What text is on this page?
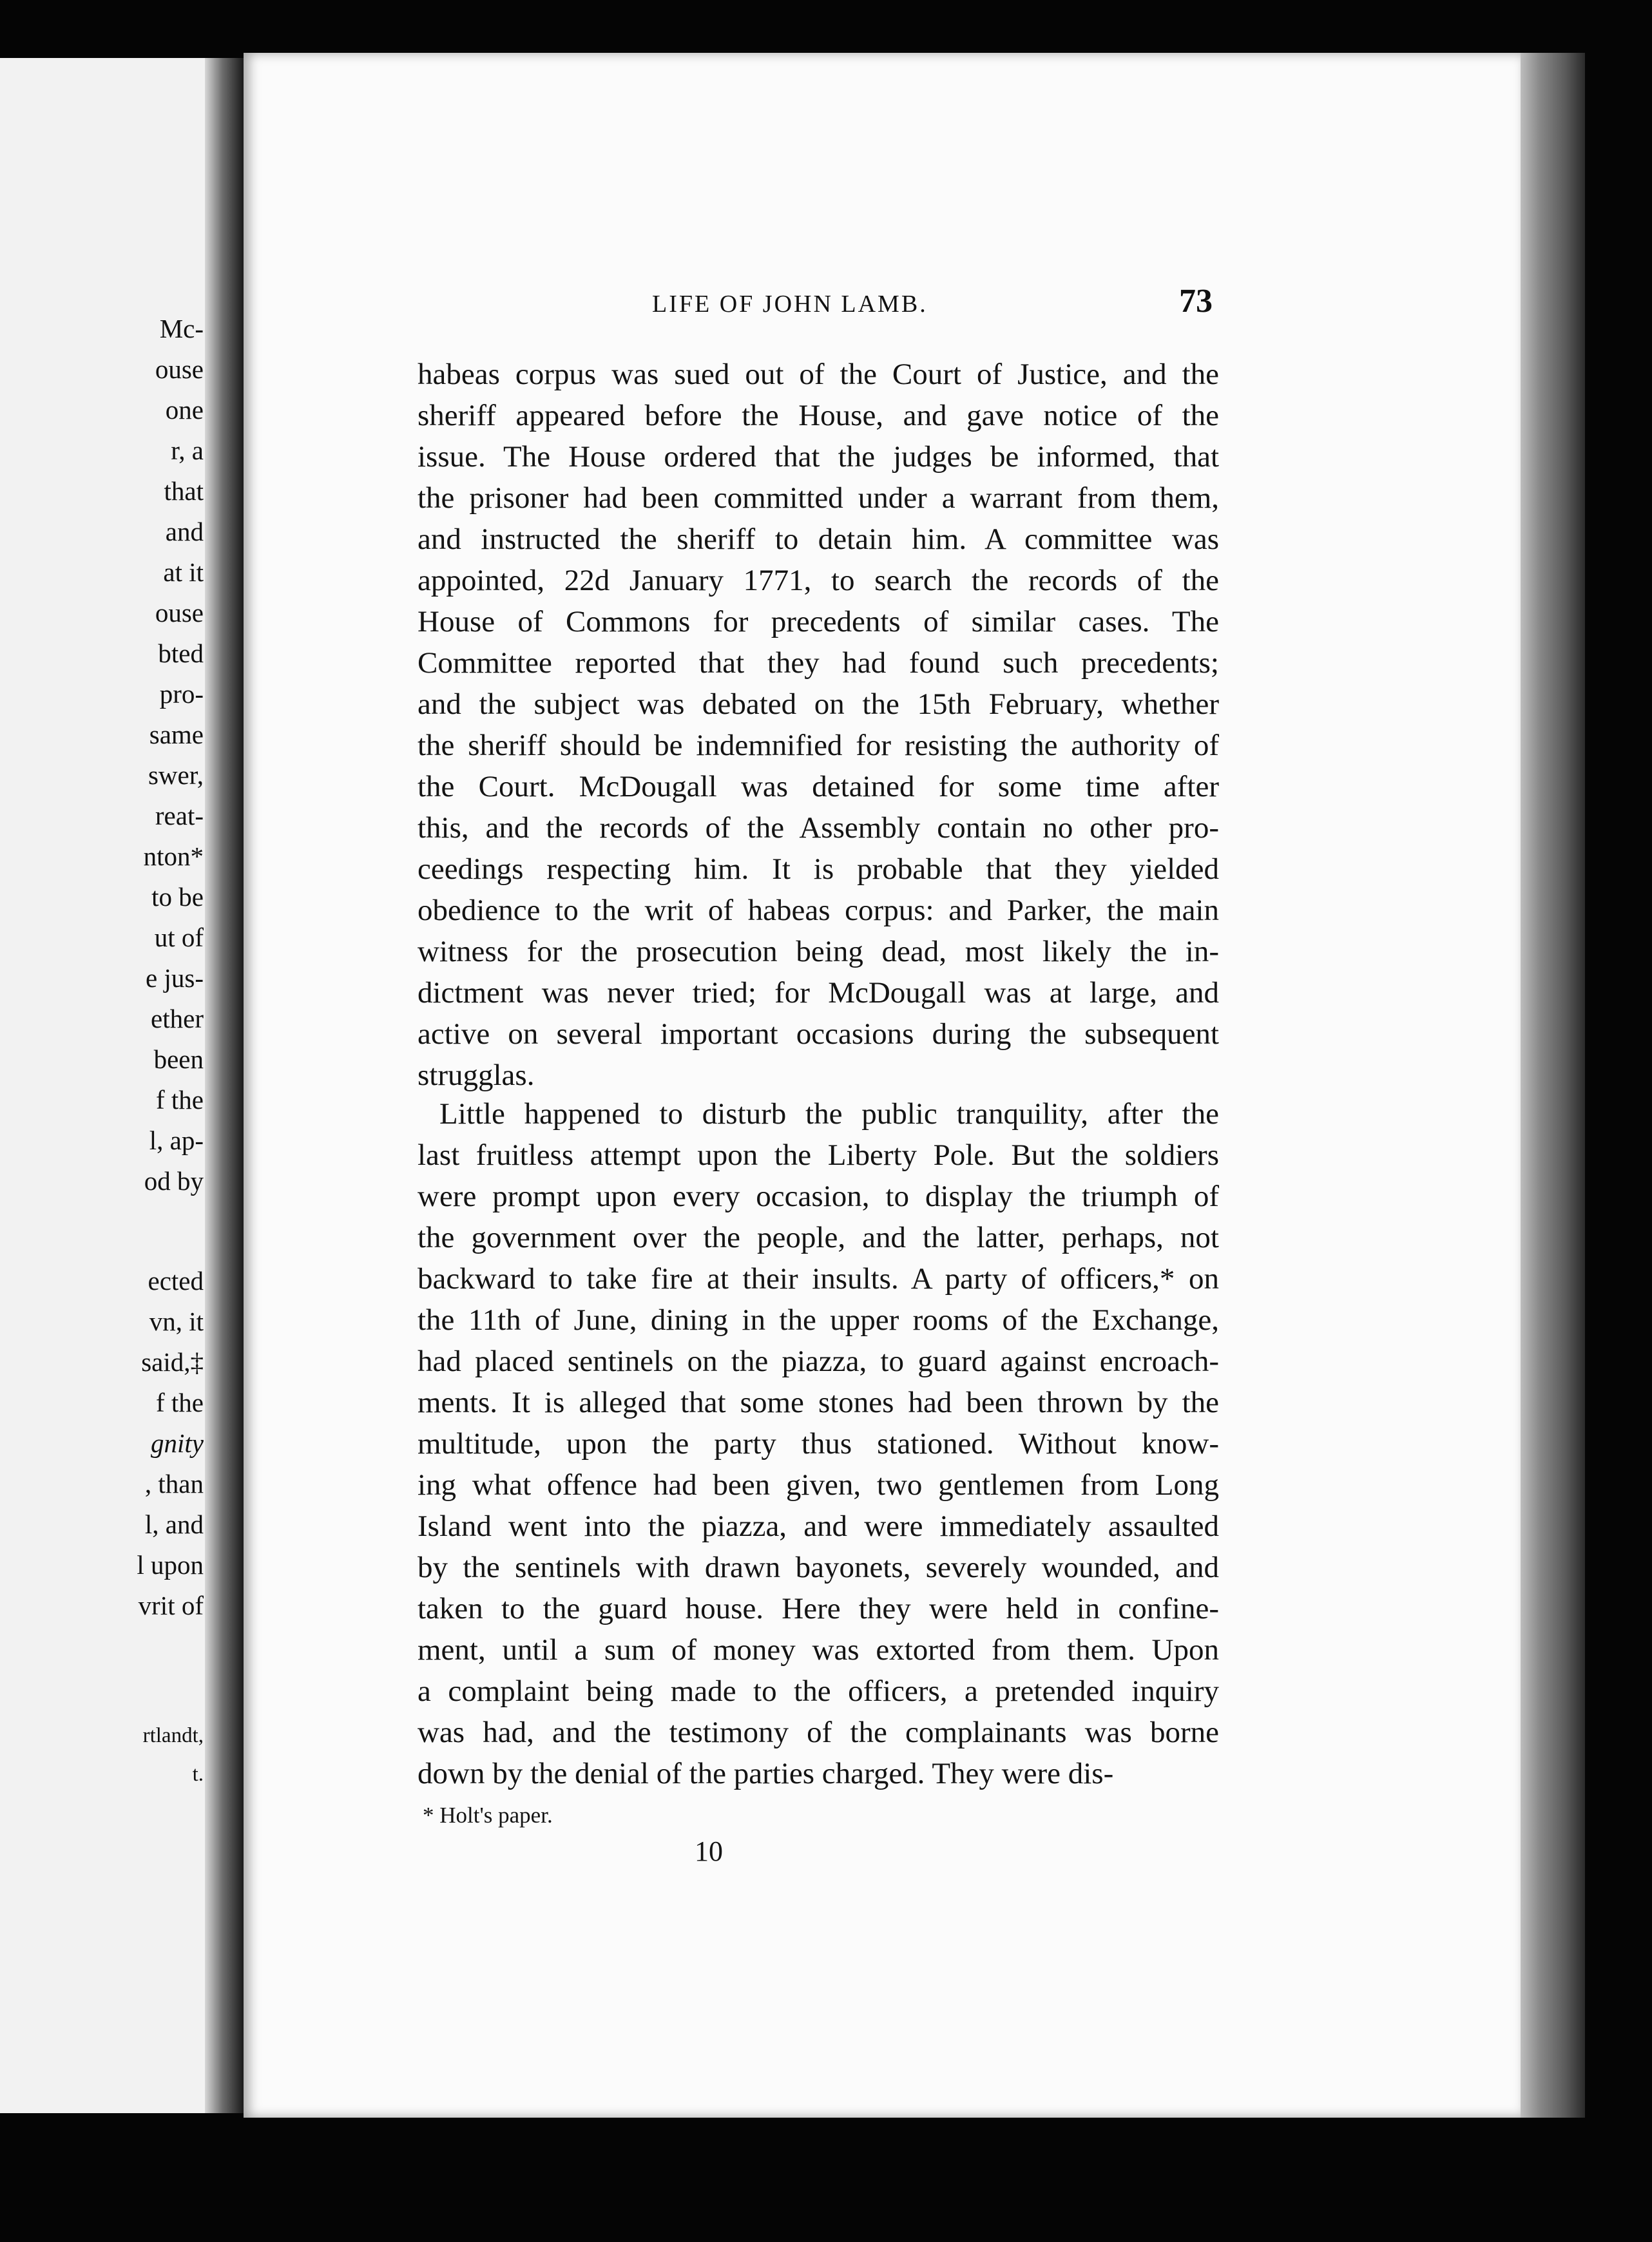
Mc-
ouse
one
r, a
that
and
at it
ouse
bted
pro-
same
swer,
reat-
nton*
to be
ut of
e jus-
ether
been
f the
l, ap-
od by
ected
vn, it
said,‡
f the
gnity
, than
l, and
l upon
vrit of
rtlandt,
t.
LIFE OF JOHN LAMB.	73
habeas corpus was sued out of the Court of Justice, and the
sheriff appeared before the House, and gave notice of the
issue. The House ordered that the judges be informed, that
the prisoner had been committed under a warrant from them,
and instructed the sheriff to detain him. A committee was
appointed, 22d January 1771, to search the records of the
House of Commons for precedents of similar cases. The
Committee reported that they had found such precedents;
and the subject was debated on the 15th February, whether
the sheriff should be indemnified for resisting the authority of
the Court. McDougall was detained for some time after
this, and the records of the Assembly contain no other pro-
ceedings respecting him. It is probable that they yielded
obedience to the writ of habeas corpus: and Parker, the main
witness for the prosecution being dead, most likely the in-
dictment was never tried; for McDougall was at large, and
active on several important occasions during the subsequent
strugglas.
Little happened to disturb the public tranquility, after the
last fruitless attempt upon the Liberty Pole. But the soldiers
were prompt upon every occasion, to display the triumph of
the government over the people, and the latter, perhaps, not
backward to take fire at their insults. A party of officers,* on
the 11th of June, dining in the upper rooms of the Exchange,
had placed sentinels on the piazza, to guard against encroach-
ments. It is alleged that some stones had been thrown by the
multitude, upon the party thus stationed. Without know-
ing what offence had been given, two gentlemen from Long
Island went into the piazza, and were immediately assaulted
by the sentinels with drawn bayonets, severely wounded, and
taken to the guard house. Here they were held in confine-
ment, until a sum of money was extorted from them. Upon
a complaint being made to the officers, a pretended inquiry
was had, and the testimony of the complainants was borne
down by the denial of the parties charged. They were dis-
* Holt's paper.
10
